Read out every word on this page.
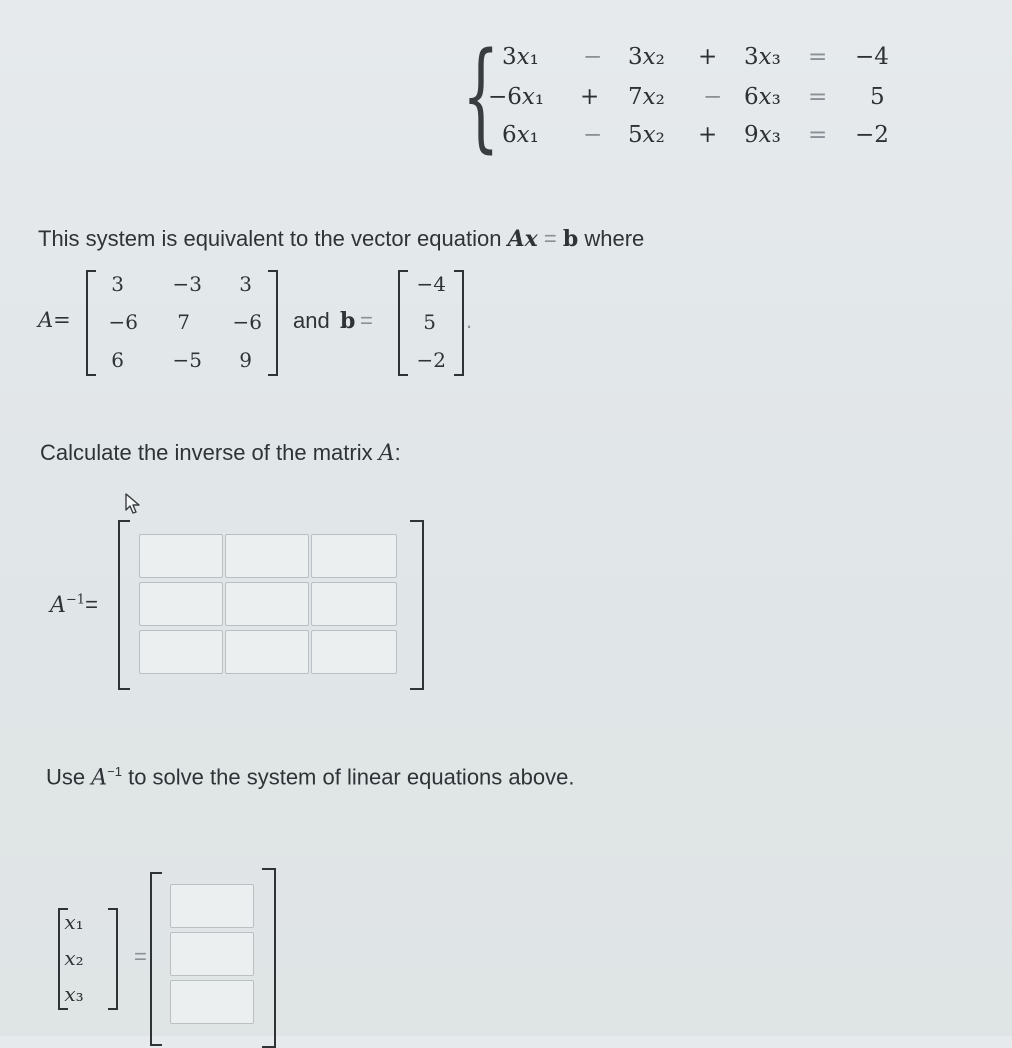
{ 3𝑥₁ − 3𝑥₂ + 3𝑥₃ = −4
−6𝑥₁ + 7𝑥₂ − 6𝑥₃ = 5
6𝑥₁ − 5𝑥₂ + 9𝑥₃ = −2
This system is equivalent to the vector equation Ax = b where
A=
3	−3	3
−6	7	−6
6	−5	9
and b =
−4
5
−2
.
Calculate the inverse of the matrix A:
$A^{-1}=$
Use $A^{-1}$ to solve the system of linear equations above.
𝑥₁
𝑥₂
𝑥₃
=
